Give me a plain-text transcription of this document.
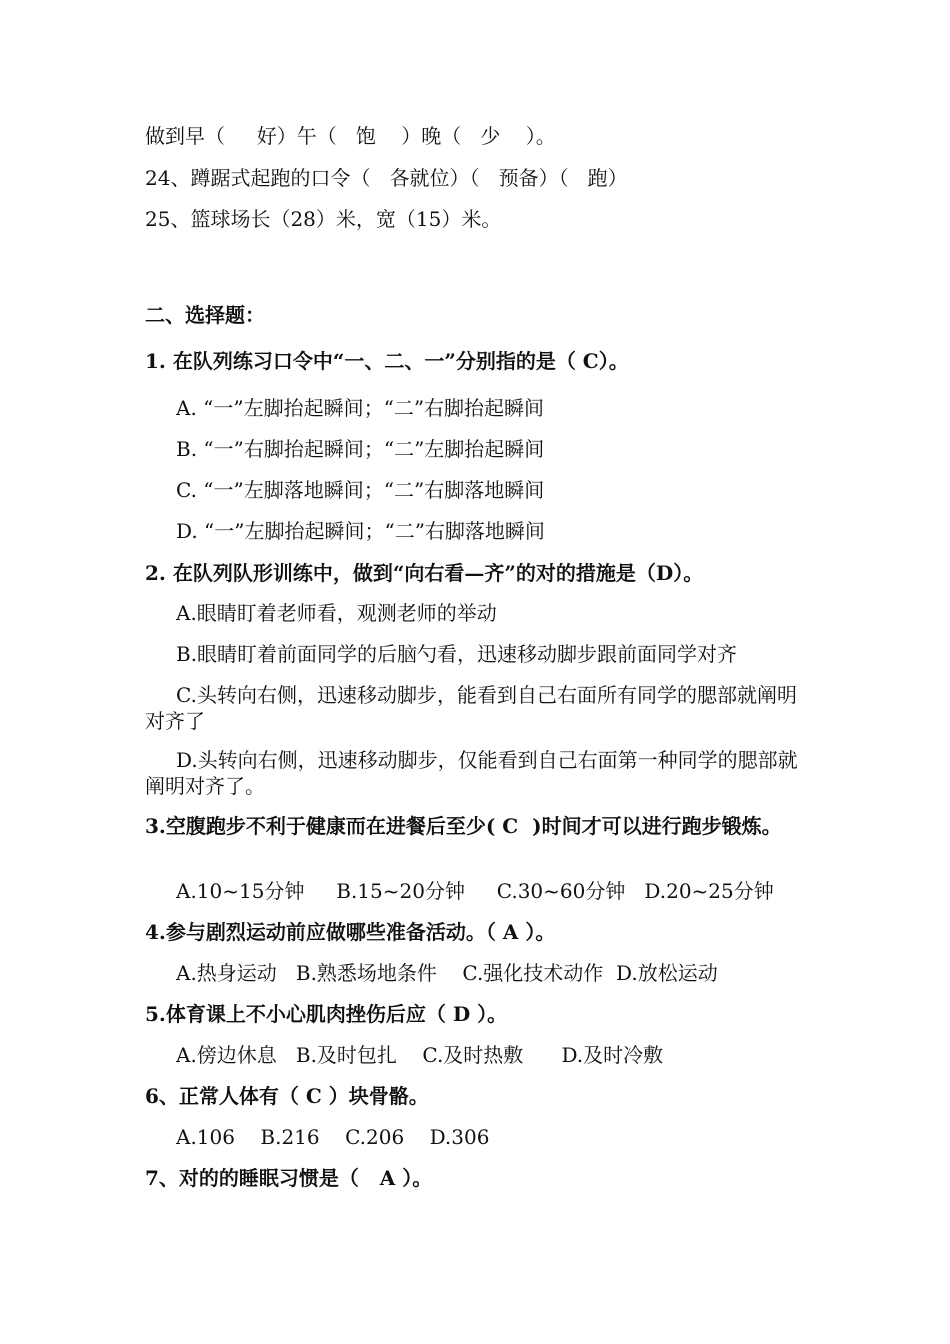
做到早（     好）午（   饱    ）晚（   少    ）。
24、蹲踞式起跑的口令（   各就位）（   预备）（   跑）
25、篮球场长（28）米，宽（15）米。
二、选择题：
1. 在队列练习口令中“一、二、一”分别指的是（ C）。
A. “一”左脚抬起瞬间；“二”右脚抬起瞬间
B. “一”右脚抬起瞬间；“二”左脚抬起瞬间
C. “一”左脚落地瞬间；“二”右脚落地瞬间
D. “一”左脚抬起瞬间；“二”右脚落地瞬间
2. 在队列队形训练中，做到“向右看—齐”的对的措施是（D）。
A.眼睛盯着老师看，观测老师的举动
B.眼睛盯着前面同学的后脑勺看，迅速移动脚步跟前面同学对齐
C.头转向右侧，迅速移动脚步，能看到自己右面所有同学的腮部就阐明对齐了
D.头转向右侧，迅速移动脚步，仅能看到自己右面第一种同学的腮部就阐明对齐了。
3.空腹跑步不利于健康而在进餐后至少( C  )时间才可以进行跑步锻炼。
A.10~15分钟     B.15~20分钟     C.30~60分钟   D.20~25分钟
4.参与剧烈运动前应做哪些准备活动。（ A ）。
A.热身运动   B.熟悉场地条件    C.强化技术动作  D.放松运动
5.体育课上不小心肌肉挫伤后应（ D ）。
A.傍边休息   B.及时包扎    C.及时热敷      D.及时冷敷
6、正常人体有（ C ）块骨骼。
A.106    B.216    C.206    D.306
7、对的的睡眠习惯是（   A ）。
